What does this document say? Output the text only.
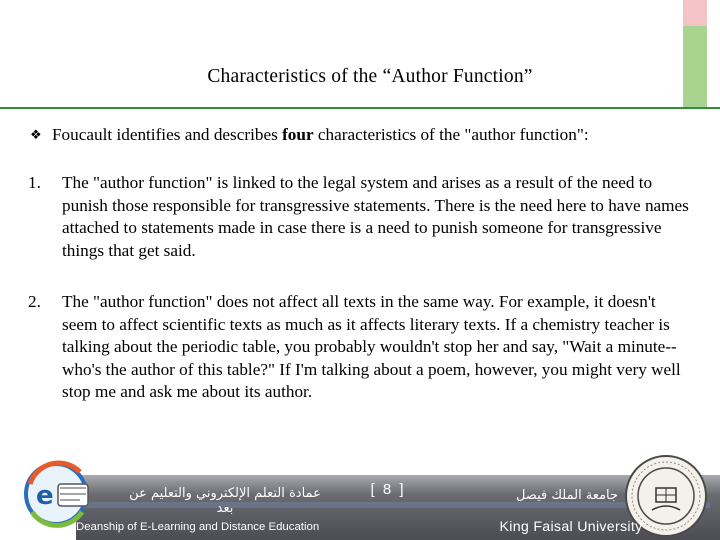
Characteristics of the “Author Function”
❖ Foucault identifies and describes four characteristics of the "author function":
1. The "author function" is linked to the legal system and arises as a result of the need to punish those responsible for transgressive statements. There is the need here to have names attached to statements made in case there is a need to punish someone for transgressive things that get said.
2. The "author function" does not affect all texts in the same way. For example, it doesn't seem to affect scientific texts as much as it affects literary texts. If a chemistry teacher is talking about the periodic table, you probably wouldn't stop her and say, "Wait a minute--who's the author of this table?" If I'm talking about a poem, however, you might very well stop me and ask me about its author.
e	عمادة التعلم الإلكتروني والتعليم عن بعد
Deanship of E-Learning and Distance Education
[ 8 ]	جامعة الملك فيصل
King Faisal University
